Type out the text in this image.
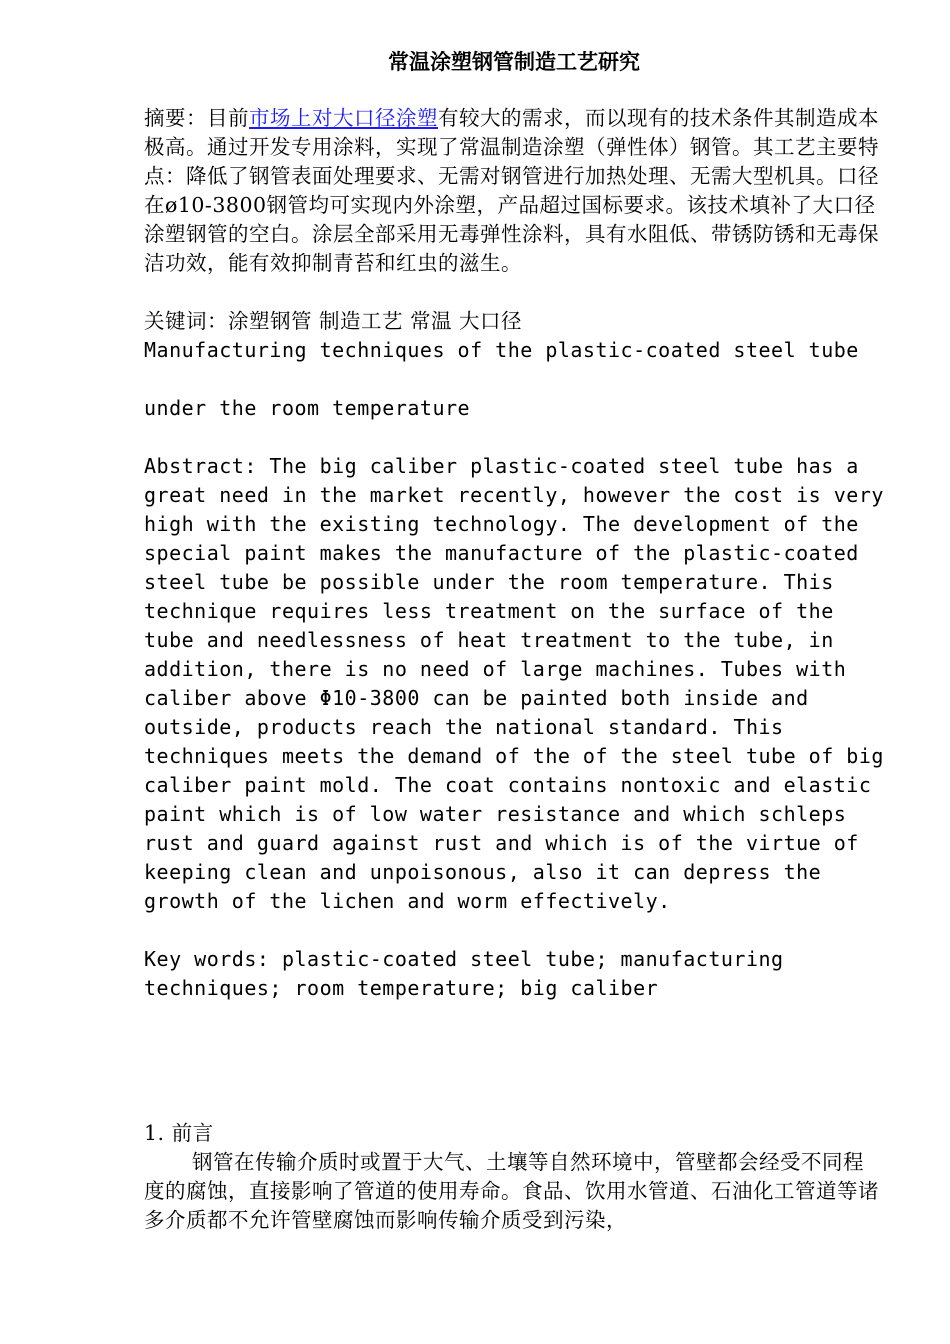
常温涂塑钢管制造工艺研究

摘要：目前市场上对大口径涂塑有较大的需求，而以现有的技术条件其制造成本极高。通过开发专用涂料，实现了常温制造涂塑（弹性体）钢管。其工艺主要特点：降低了钢管表面处理要求、无需对钢管进行加热处理、无需大型机具。口径在ø10-3800钢管均可实现内外涂塑，产品超过国标要求。该技术填补了大口径涂塑钢管的空白。涂层全部采用无毒弹性涂料，具有水阻低、带锈防锈和无毒保洁功效，能有效抑制青苔和红虫的滋生。

关键词：涂塑钢管 制造工艺 常温 大口径

Manufacturing techniques of the plastic-coated steel tube

under the room temperature

Abstract: The big caliber plastic-coated steel tube has a great need in the market recently, however the cost is very high with the existing technology. The development of the special paint makes the manufacture of the plastic-coated steel tube be possible under the room temperature. This technique requires less treatment on the surface of the tube and needlessness of heat treatment to the tube, in addition, there is no need of large machines. Tubes with caliber above Φ10-3800 can be painted both inside and outside, products reach the national standard. This techniques meets the demand of the of the steel tube of big caliber paint mold. The coat contains nontoxic and elastic paint which is of low water resistance and which schleps rust and guard against rust and which is of the virtue of keeping clean and unpoisonous, also it can depress the growth of the lichen and worm effectively.

Key words: plastic-coated steel tube; manufacturing techniques; room temperature; big caliber

1. 前言

钢管在传输介质时或置于大气、土壤等自然环境中，管壁都会经受不同程度的腐蚀，直接影响了管道的使用寿命。食品、饮用水管道、石油化工管道等诸多介质都不允许管壁腐蚀而影响传输介质受到污染，
